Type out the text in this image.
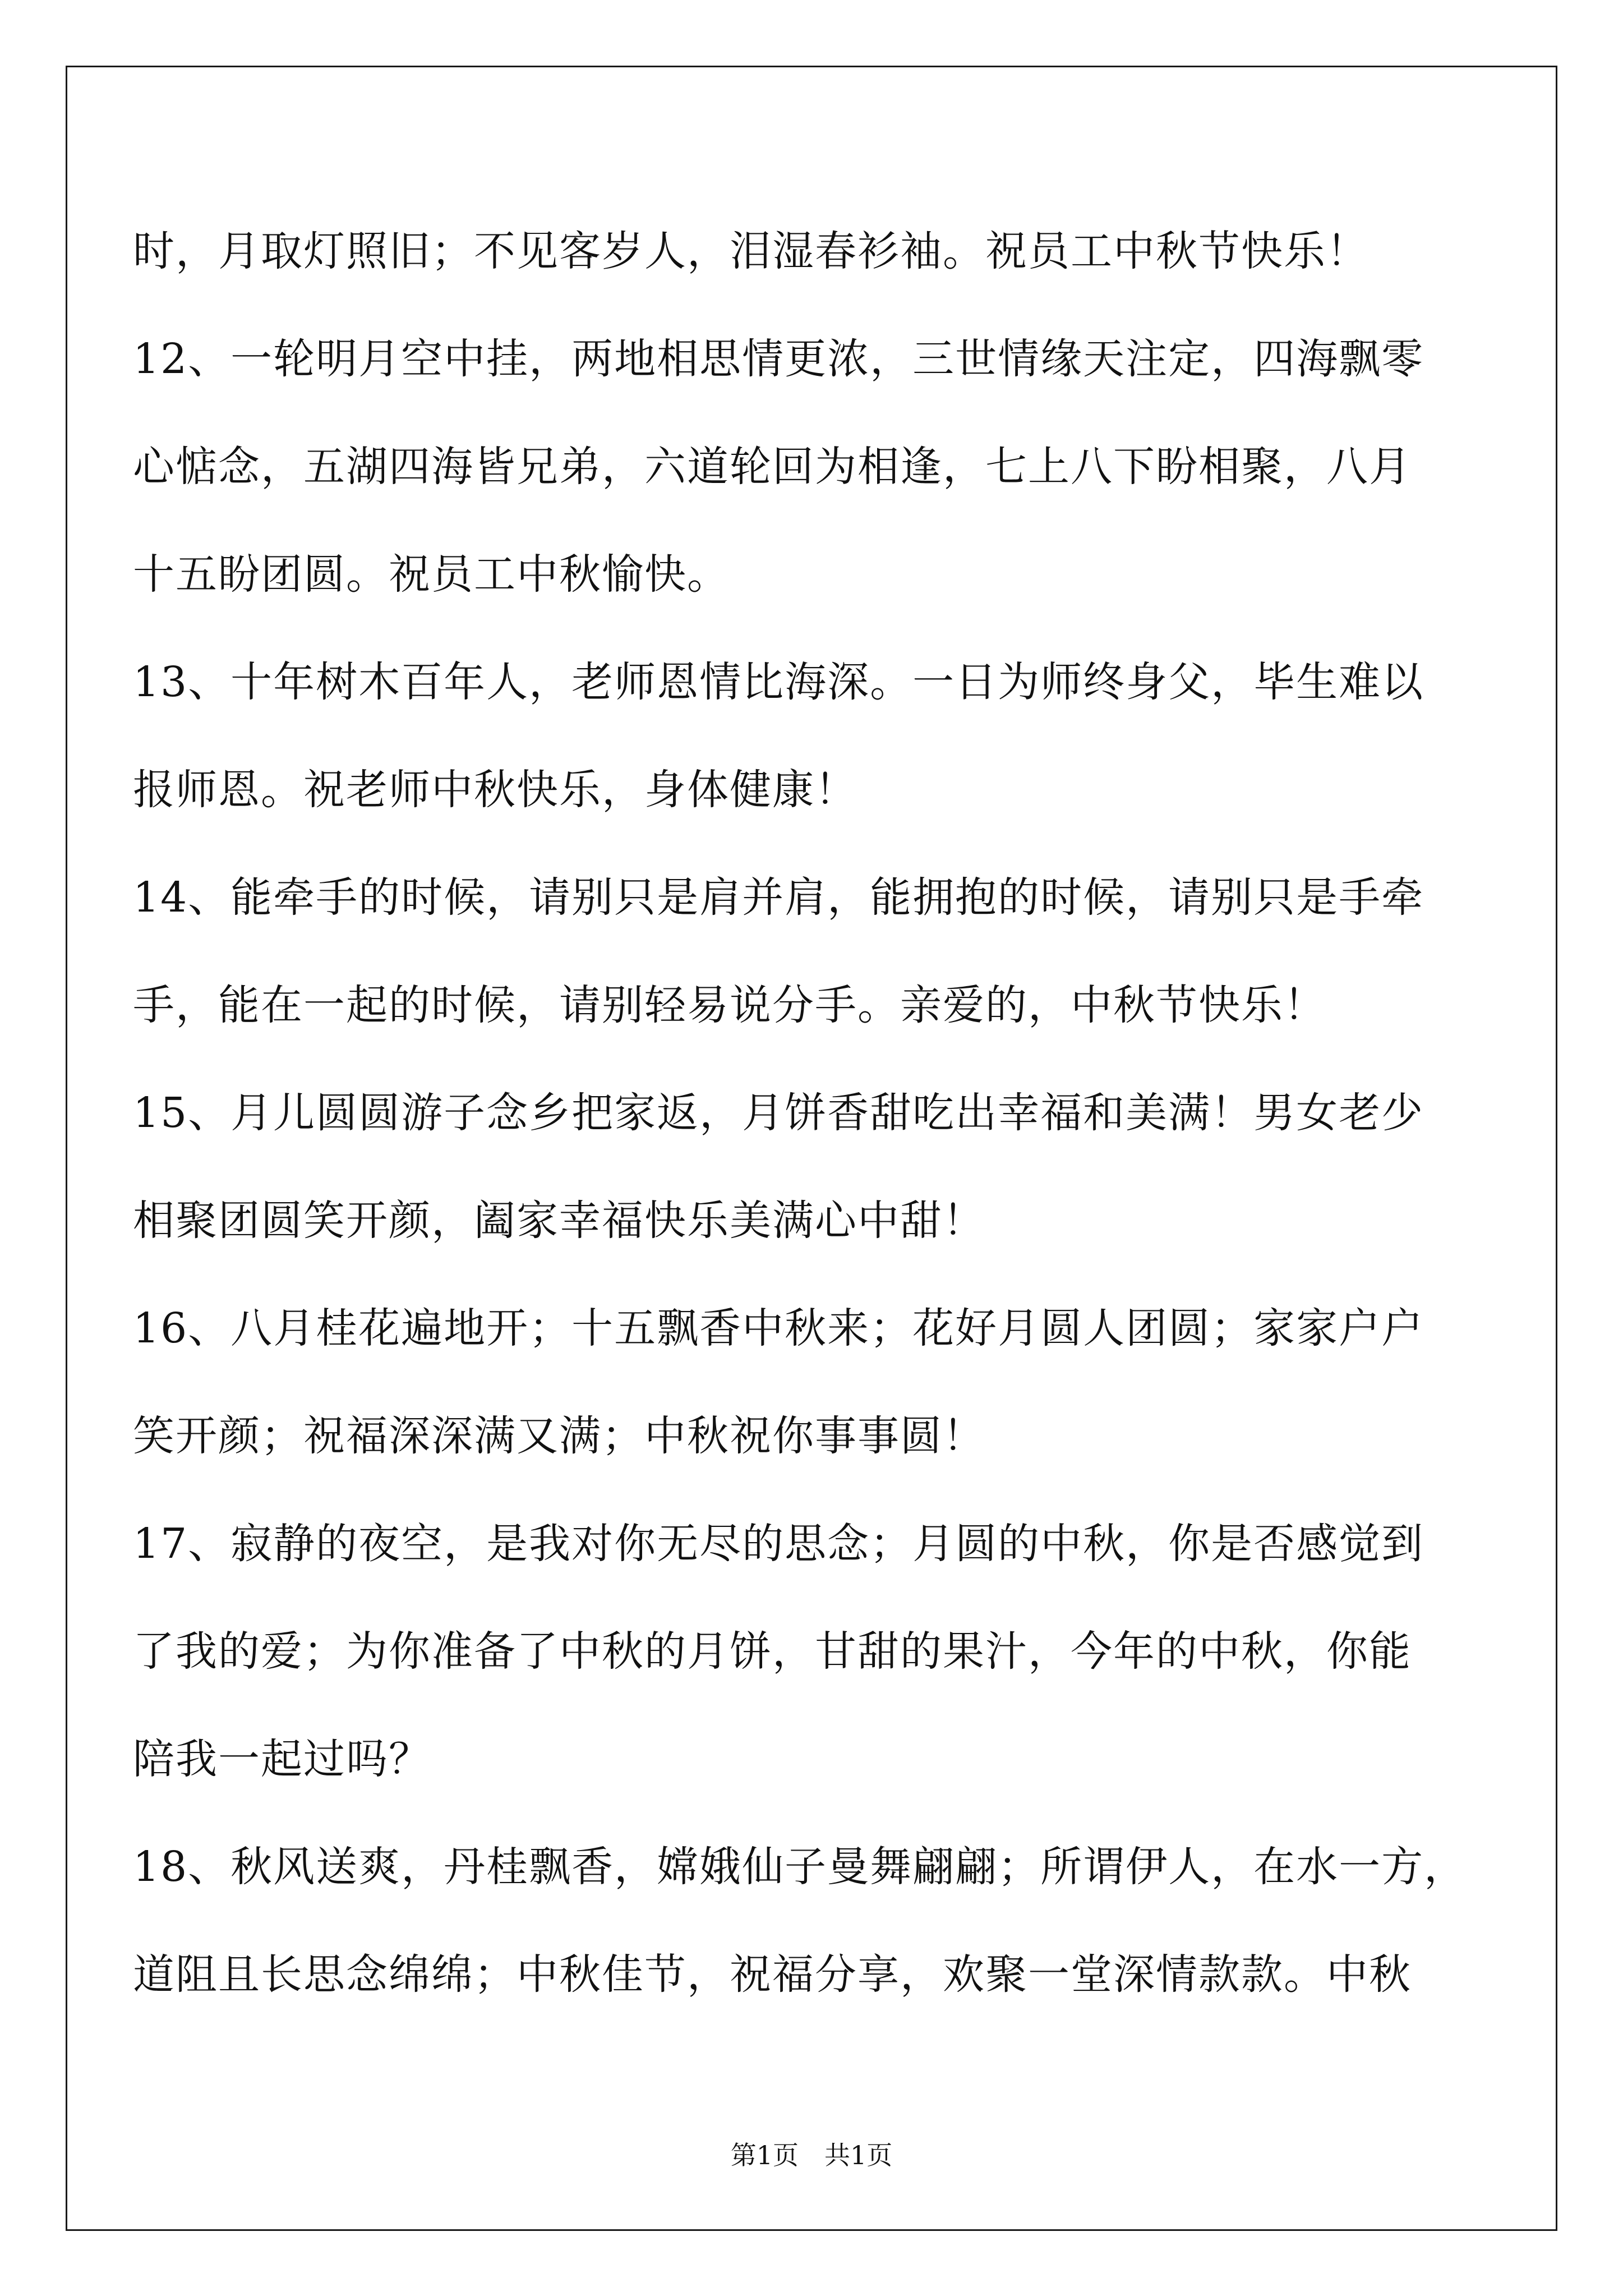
时，月取灯照旧；不见客岁人，泪湿春衫袖。祝员工中秋节快乐！
12、一轮明月空中挂，两地相思情更浓，三世情缘天注定，四海飘零
心惦念，五湖四海皆兄弟，六道轮回为相逢，七上八下盼相聚，八月
十五盼团圆。祝员工中秋愉快。
13、十年树木百年人，老师恩情比海深。一日为师终身父，毕生难以
报师恩。祝老师中秋快乐，身体健康！
14、能牵手的时候，请别只是肩并肩，能拥抱的时候，请别只是手牵
手，能在一起的时候，请别轻易说分手。亲爱的，中秋节快乐！
15、月儿圆圆游子念乡把家返，月饼香甜吃出幸福和美满！男女老少
相聚团圆笑开颜，阖家幸福快乐美满心中甜！
16、八月桂花遍地开；十五飘香中秋来；花好月圆人团圆；家家户户
笑开颜；祝福深深满又满；中秋祝你事事圆！
17、寂静的夜空，是我对你无尽的思念；月圆的中秋，你是否感觉到
了我的爱；为你准备了中秋的月饼，甘甜的果汁，今年的中秋，你能
陪我一起过吗？
18、秋风送爽，丹桂飘香，嫦娥仙子曼舞翩翩；所谓伊人，在水一方，
道阻且长思念绵绵；中秋佳节，祝福分享，欢聚一堂深情款款。中秋
第1页　共1页
